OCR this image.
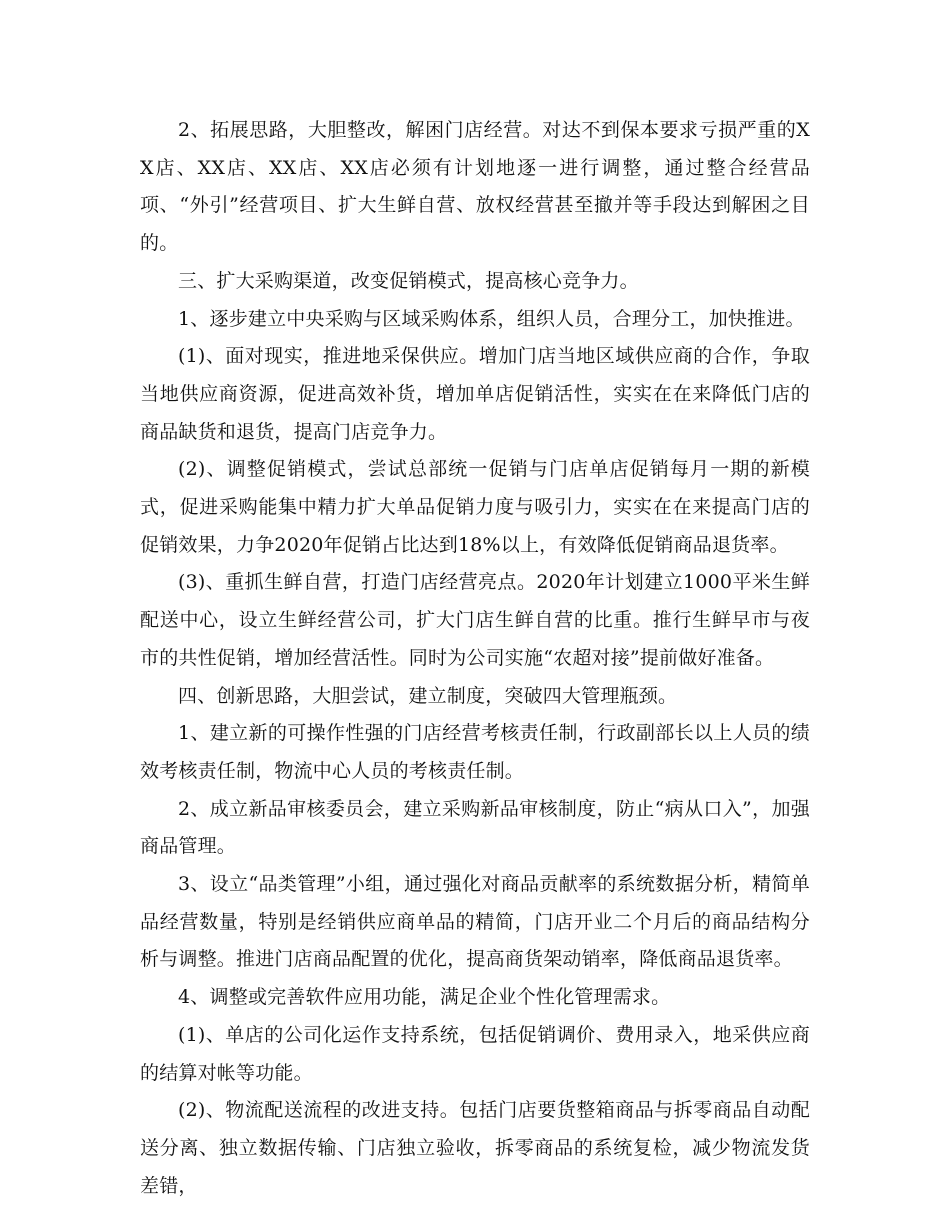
2、拓展思路，大胆整改，解困门店经营。对达不到保本要求亏损严重的XX店、XX店、XX店、XX店必须有计划地逐一进行调整，通过整合经营品项、“外引”经营项目、扩大生鲜自营、放权经营甚至撤并等手段达到解困之目的。

三、扩大采购渠道，改变促销模式，提高核心竞争力。

1、逐步建立中央采购与区域采购体系，组织人员，合理分工，加快推进。

(1)、面对现实，推进地采保供应。增加门店当地区域供应商的合作，争取当地供应商资源，促进高效补货，增加单店促销活性，实实在在来降低门店的商品缺货和退货，提高门店竞争力。

(2)、调整促销模式，尝试总部统一促销与门店单店促销每月一期的新模式，促进采购能集中精力扩大单品促销力度与吸引力，实实在在来提高门店的促销效果，力争2020年促销占比达到18%以上，有效降低促销商品退货率。

(3)、重抓生鲜自营，打造门店经营亮点。2020年计划建立1000平米生鲜配送中心，设立生鲜经营公司，扩大门店生鲜自营的比重。推行生鲜早市与夜市的共性促销，增加经营活性。同时为公司实施“农超对接”提前做好准备。

四、创新思路，大胆尝试，建立制度，突破四大管理瓶颈。

1、建立新的可操作性强的门店经营考核责任制，行政副部长以上人员的绩效考核责任制，物流中心人员的考核责任制。

2、成立新品审核委员会，建立采购新品审核制度，防止“病从口入”，加强商品管理。

3、设立“品类管理”小组，通过强化对商品贡献率的系统数据分析，精简单品经营数量，特别是经销供应商单品的精简，门店开业二个月后的商品结构分析与调整。推进门店商品配置的优化，提高商货架动销率，降低商品退货率。

4、调整或完善软件应用功能，满足企业个性化管理需求。

(1)、单店的公司化运作支持系统，包括促销调价、费用录入，地采供应商的结算对帐等功能。

(2)、物流配送流程的改进支持。包括门店要货整箱商品与拆零商品自动配送分离、独立数据传输、门店独立验收，拆零商品的系统复检，减少物流发货差错，
